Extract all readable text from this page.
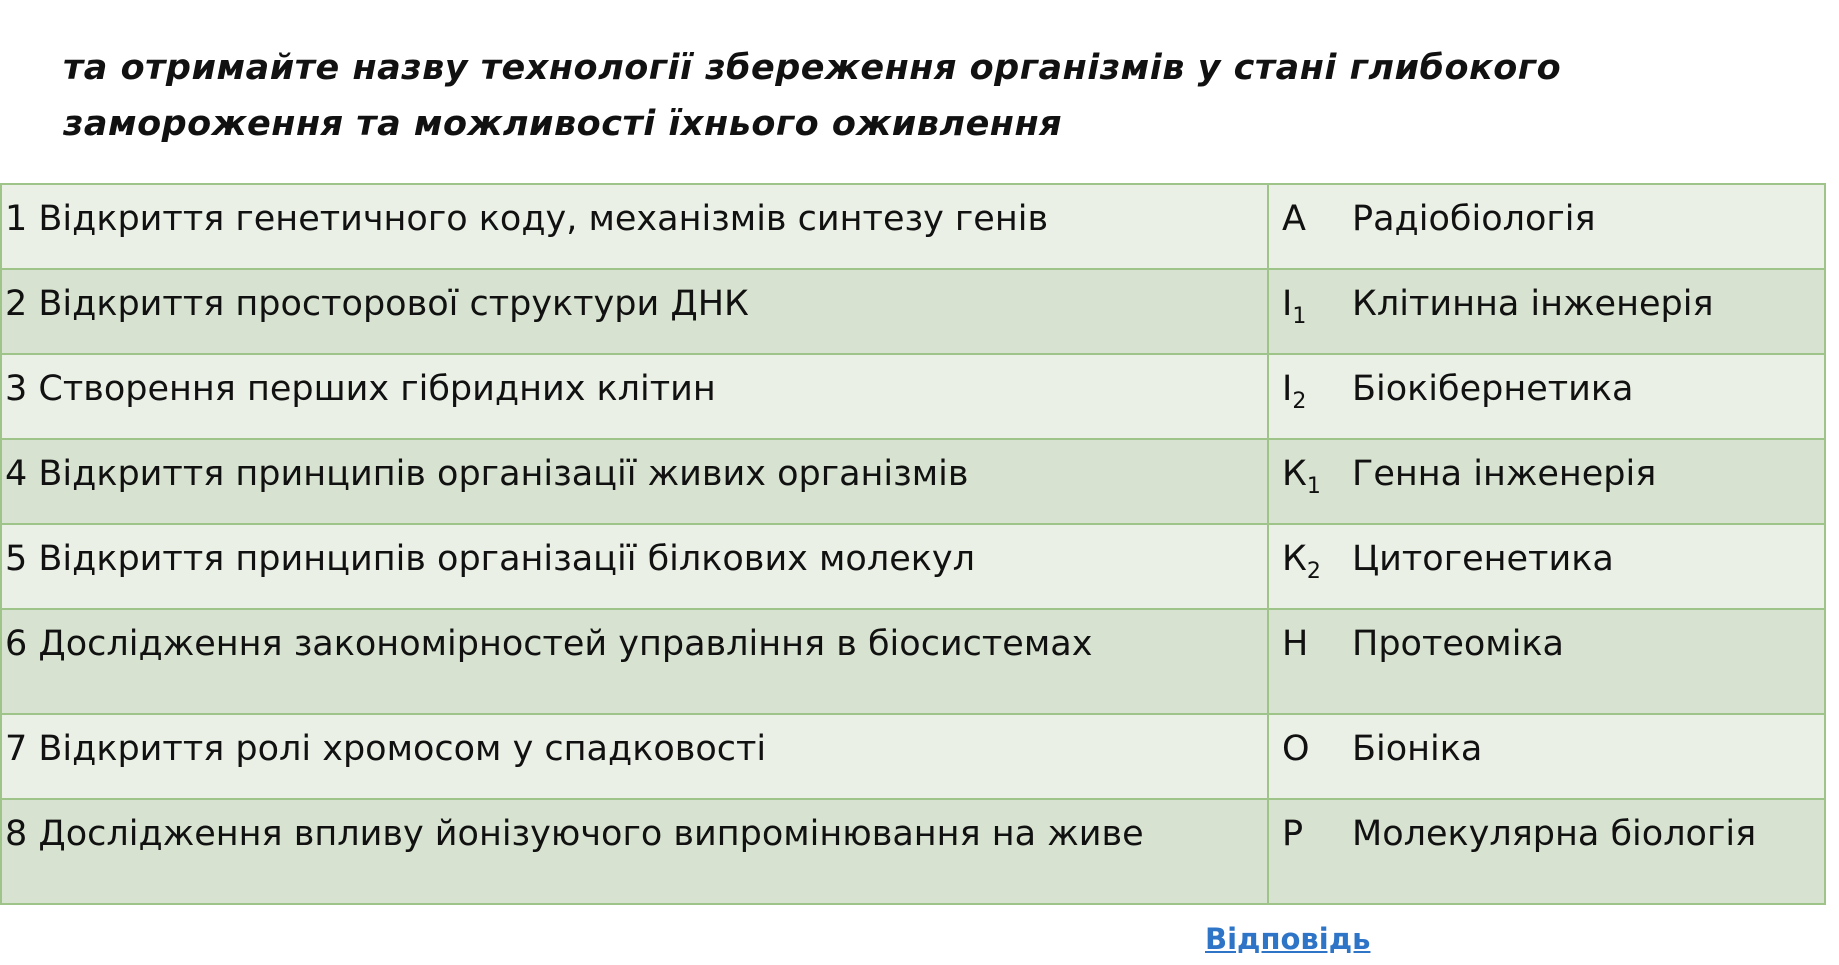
та отримайте назву технології збереження організмів у стані глибокого
замороження та можливості їхнього оживлення
1 Відкриття генетичного коду, механізмів синтезу генів	А Радіобіологія
2 Відкриття просторової структури ДНК	$І_1$ Клітинна інженерія
3 Створення перших гібридних клітин	$І_2$ Біокібернетика
4 Відкриття принципів організації живих організмів	$К_1$ Генна інженерія
5 Відкриття принципів організації білкових молекул	$К_2$ Цитогенетика
6 Дослідження закономірностей управління в біосистемах	Н Протеоміка
7 Відкриття ролі хромосом у спадковості	О Біоніка
8 Дослідження впливу йонізуючого випромінювання на живе	Р Молекулярна біологія
Відповідь
